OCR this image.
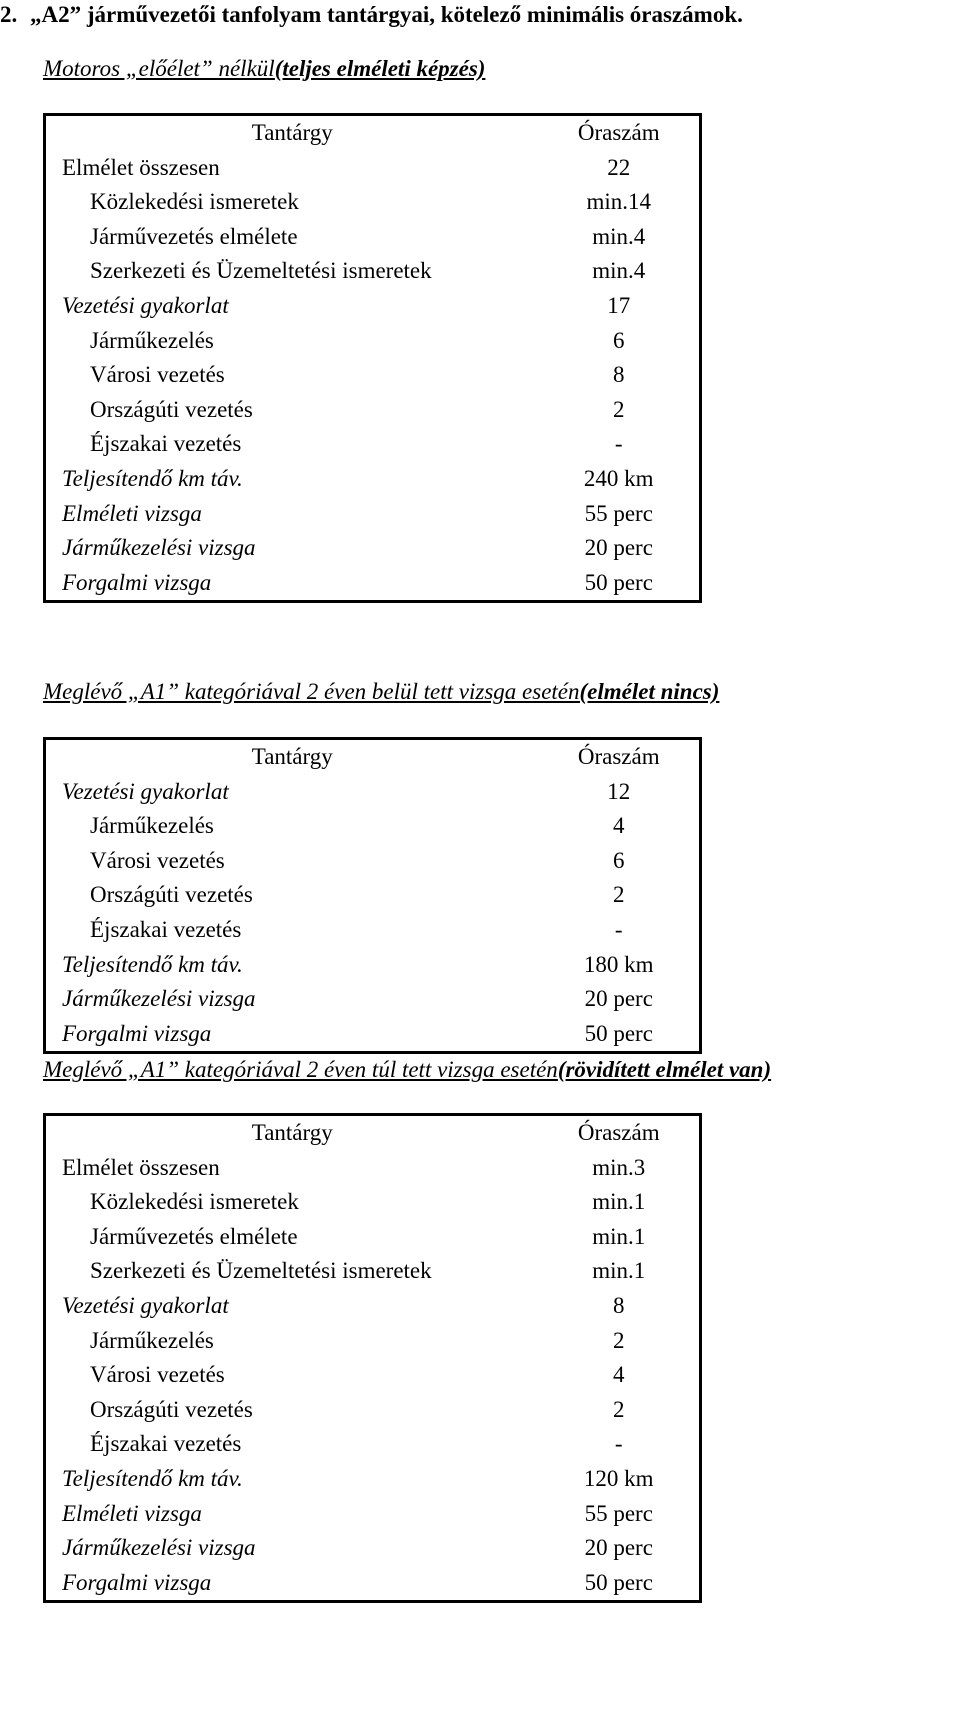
2. „A2” járművezetői tanfolyam tantárgyai, kötelező minimális óraszámok.
Motoros „előélet” nélkül(teljes elméleti képzés)
Tantárgy	Óraszám
Elmélet összesen	22
Közlekedési ismeretek	min.14
Járművezetés elmélete	min.4
Szerkezeti és Üzemeltetési ismeretek	min.4
Vezetési gyakorlat	17
Járműkezelés	6
Városi vezetés	8
Országúti vezetés	2
Éjszakai vezetés	-
Teljesítendő km táv.	240 km
Elméleti vizsga	55 perc
Járműkezelési vizsga	20 perc
Forgalmi vizsga	50 perc
Meglévő „A1” kategóriával 2 éven belül tett vizsga esetén(elmélet nincs)
Tantárgy	Óraszám
Vezetési gyakorlat	12
Járműkezelés	4
Városi vezetés	6
Országúti vezetés	2
Éjszakai vezetés	-
Teljesítendő km táv.	180 km
Járműkezelési vizsga	20 perc
Forgalmi vizsga	50 perc
Meglévő „A1” kategóriával 2 éven túl tett vizsga esetén(rövidített elmélet van)
Tantárgy	Óraszám
Elmélet összesen	min.3
Közlekedési ismeretek	min.1
Járművezetés elmélete	min.1
Szerkezeti és Üzemeltetési ismeretek	min.1
Vezetési gyakorlat	8
Járműkezelés	2
Városi vezetés	4
Országúti vezetés	2
Éjszakai vezetés	-
Teljesítendő km táv.	120 km
Elméleti vizsga	55 perc
Járműkezelési vizsga	20 perc
Forgalmi vizsga	50 perc
